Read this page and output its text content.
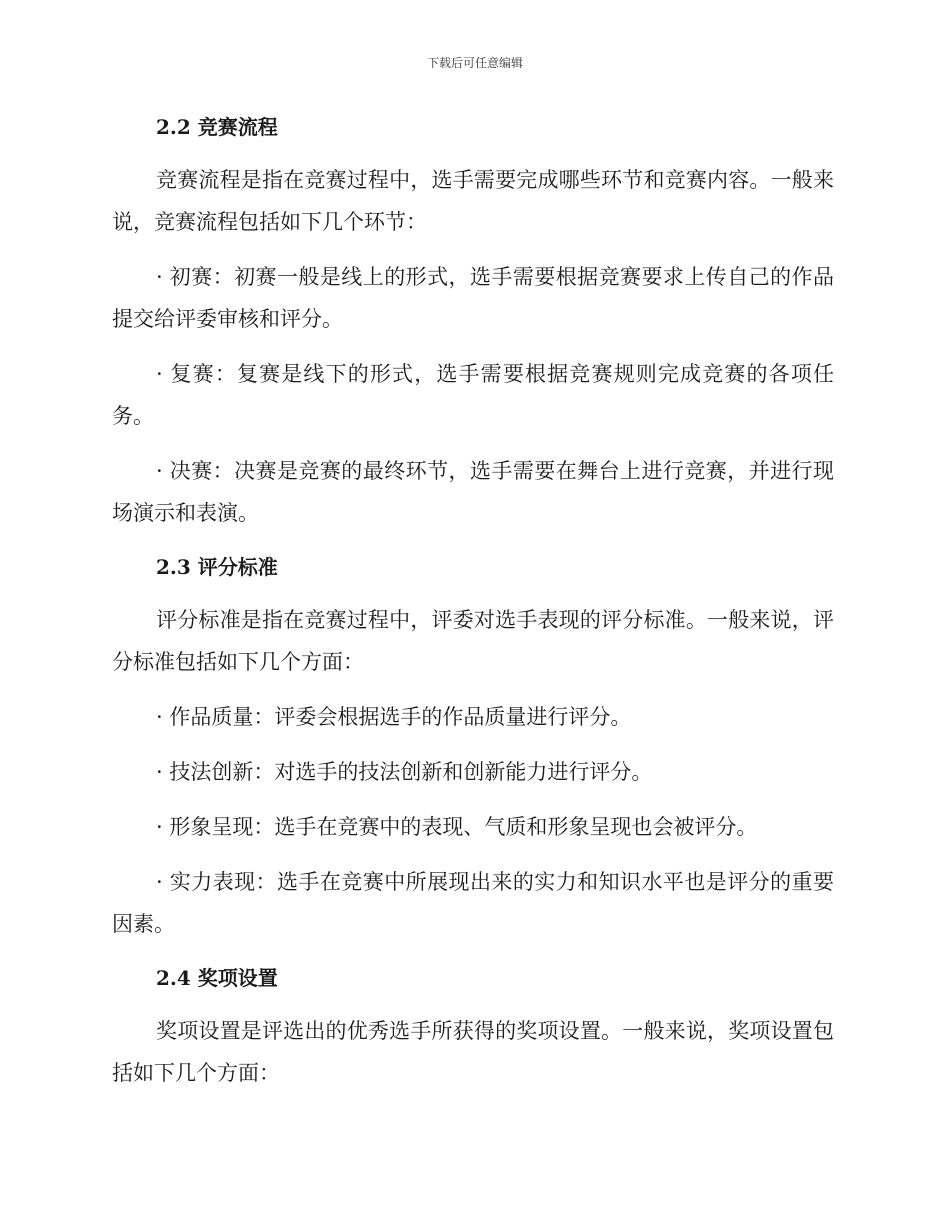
下载后可任意编辑
2.2 竞赛流程

竞赛流程是指在竞赛过程中，选手需要完成哪些环节和竞赛内容。一般来说，竞赛流程包括如下几个环节：

· 初赛：初赛一般是线上的形式，选手需要根据竞赛要求上传自己的作品提交给评委审核和评分。

· 复赛：复赛是线下的形式，选手需要根据竞赛规则完成竞赛的各项任务。

· 决赛：决赛是竞赛的最终环节，选手需要在舞台上进行竞赛，并进行现场演示和表演。

2.3 评分标准

评分标准是指在竞赛过程中，评委对选手表现的评分标准。一般来说，评分标准包括如下几个方面：

· 作品质量：评委会根据选手的作品质量进行评分。

· 技法创新：对选手的技法创新和创新能力进行评分。

· 形象呈现：选手在竞赛中的表现、气质和形象呈现也会被评分。

· 实力表现：选手在竞赛中所展现出来的实力和知识水平也是评分的重要因素。

2.4 奖项设置

奖项设置是评选出的优秀选手所获得的奖项设置。一般来说，奖项设置包括如下几个方面：
